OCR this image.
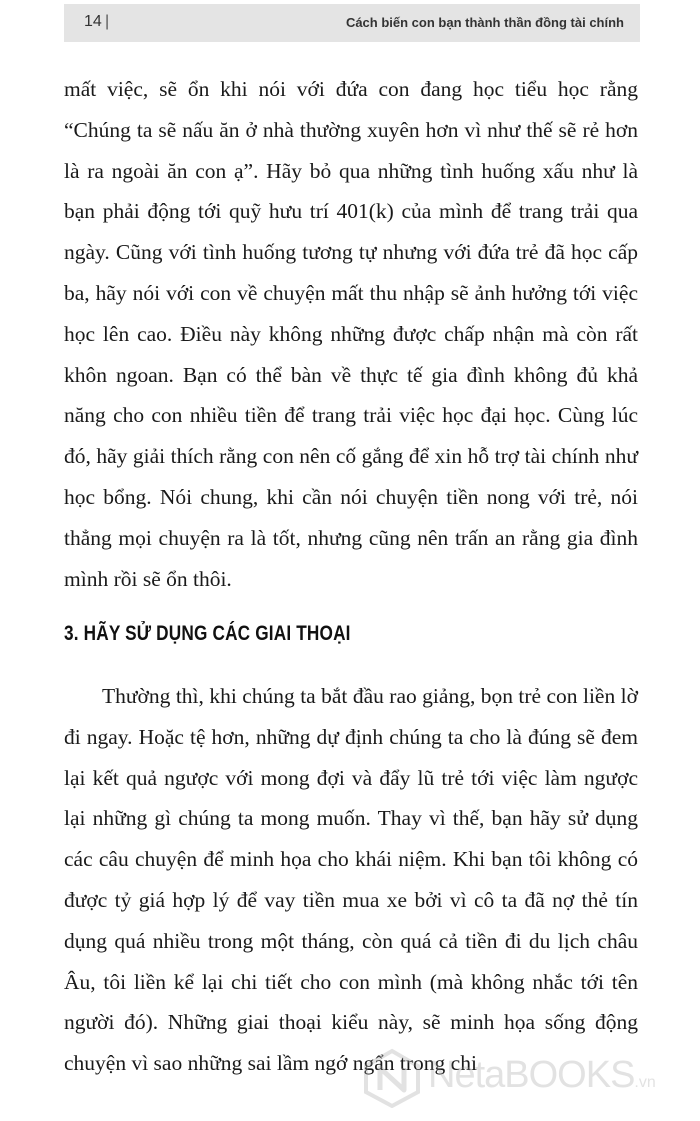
14 |	Cách biến con bạn thành thần đồng tài chính
mất việc, sẽ ổn khi nói với đứa con đang học tiểu học rằng “Chúng ta sẽ nấu ăn ở nhà thường xuyên hơn vì như thế sẽ rẻ hơn là ra ngoài ăn con ạ”. Hãy bỏ qua những tình huống xấu như là bạn phải động tới quỹ hưu trí 401(k) của mình để trang trải qua ngày. Cũng với tình huống tương tự nhưng với đứa trẻ đã học cấp ba, hãy nói với con về chuyện mất thu nhập sẽ ảnh hưởng tới việc học lên cao. Điều này không những được chấp nhận mà còn rất khôn ngoan. Bạn có thể bàn về thực tế gia đình không đủ khả năng cho con nhiều tiền để trang trải việc học đại học. Cùng lúc đó, hãy giải thích rằng con nên cố gắng để xin hỗ trợ tài chính như học bổng. Nói chung, khi cần nói chuyện tiền nong với trẻ, nói thẳng mọi chuyện ra là tốt, nhưng cũng nên trấn an rằng gia đình mình rồi sẽ ổn thôi.
3. HÃY SỬ DỤNG CÁC GIAI THOẠI
Thường thì, khi chúng ta bắt đầu rao giảng, bọn trẻ con liền lờ đi ngay. Hoặc tệ hơn, những dự định chúng ta cho là đúng sẽ đem lại kết quả ngược với mong đợi và đẩy lũ trẻ tới việc làm ngược lại những gì chúng ta mong muốn. Thay vì thế, bạn hãy sử dụng các câu chuyện để minh họa cho khái niệm. Khi bạn tôi không có được tỷ giá hợp lý để vay tiền mua xe bởi vì cô ta đã nợ thẻ tín dụng quá nhiều trong một tháng, còn quá cả tiền đi du lịch châu Âu, tôi liền kể lại chi tiết cho con mình (mà không nhắc tới tên người đó). Những giai thoại kiểu này, sẽ minh họa sống động chuyện vì sao những sai lầm ngớ ngẩn trong chi
NetaBOOKS.vn
